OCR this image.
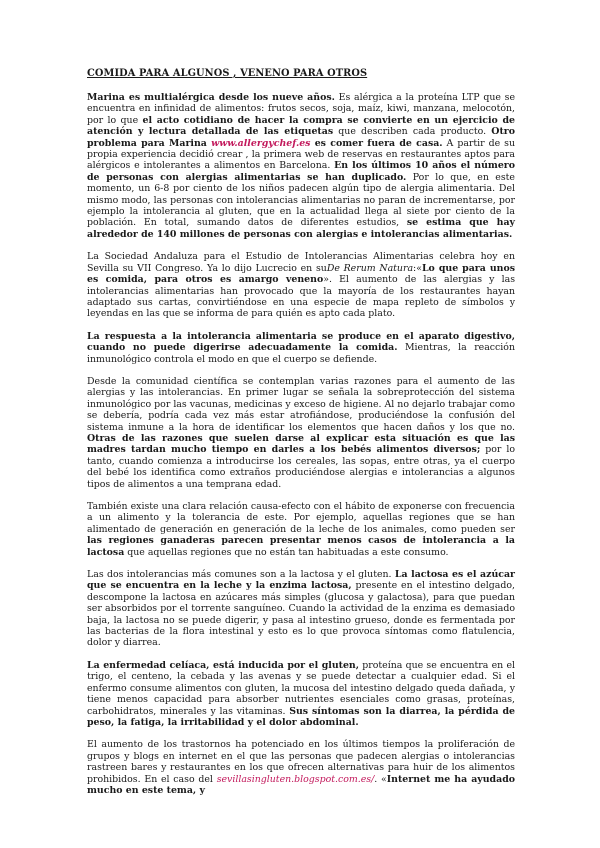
COMIDA PARA ALGUNOS , VENENO PARA OTROS

Marina es multialérgica desde los nueve años. Es alérgica a la proteína LTP que se encuentra en infinidad de alimentos: frutos secos, soja, maíz, kiwi, manzana, melocotón, por lo que el acto cotidiano de hacer la compra se convierte en un ejercicio de atención y lectura detallada de las etiquetas que describen cada producto. Otro problema para Marina www.allergychef.es es comer fuera de casa. A partir de su propia experiencia decidió crear , la primera web de reservas en restaurantes aptos para alérgicos e intolerantes a alimentos en Barcelona. En los últimos 10 años el número de personas con alergias alimentarias se han duplicado. Por lo que, en este momento, un 6-8 por ciento de los niños padecen algún tipo de alergia alimentaria. Del mismo modo, las personas con intolerancias alimentarias no paran de incrementarse, por ejemplo la intolerancia al gluten, que en la actualidad llega al siete por ciento de la población. En total, sumando datos de diferentes estudios, se estima que hay alrededor de 140 millones de personas con alergias e intolerancias alimentarias.

La Sociedad Andaluza para el Estudio de Intolerancias Alimentarias celebra hoy en Sevilla su VII Congreso. Ya lo dijo Lucrecio en suDe Rerum Natura:«Lo que para unos es comida, para otros es amargo veneno». El aumento de las alergias y las intolerancias alimentarias han provocado que la mayoría de los restaurantes hayan adaptado sus cartas, convirtiéndose en una especie de mapa repleto de símbolos y leyendas en las que se informa de para quién es apto cada plato.

La respuesta a la intolerancia alimentaria se produce en el aparato digestivo, cuando no puede digerirse adecuadamente la comida. Mientras, la reacción inmunológico controla el modo en que el cuerpo se defiende.

Desde la comunidad científica se contemplan varias razones para el aumento de las alergias y las intolerancias. En primer lugar se señala la sobreprotección del sistema inmunológico por las vacunas, medicinas y exceso de higiene. Al no dejarlo trabajar como se debería, podría cada vez más estar atrofiándose, produciéndose la confusión del sistema inmune a la hora de identificar los elementos que hacen daños y los que no. Otras de las razones que suelen darse al explicar esta situación es que las madres tardan mucho tiempo en darles a los bebés alimentos diversos; por lo tanto, cuando comienza a introducirse los cereales, las sopas, entre otras, ya el cuerpo del bebé los identifica como extraños produciéndose alergias e intolerancias a algunos tipos de alimentos a una temprana edad.

También existe una clara relación causa-efecto con el hábito de exponerse con frecuencia a un alimento y la tolerancia de este. Por ejemplo, aquellas regiones que se han alimentado de generación en generación de la leche de los animales, como pueden ser las regiones ganaderas parecen presentar menos casos de intolerancia a la lactosa que aquellas regiones que no están tan habituadas a este consumo.

Las dos intolerancias más comunes son a la lactosa y el gluten. La lactosa es el azúcar que se encuentra en la leche y la enzima lactosa, presente en el intestino delgado, descompone la lactosa en azúcares más simples (glucosa y galactosa), para que puedan ser absorbidos por el torrente sanguíneo. Cuando la actividad de la enzima es demasiado baja, la lactosa no se puede digerir, y pasa al intestino grueso, donde es fermentada por las bacterias de la flora intestinal y esto es lo que provoca síntomas como flatulencia, dolor y diarrea.

La enfermedad celíaca, está inducida por el gluten, proteína que se encuentra en el trigo, el centeno, la cebada y las avenas y se puede detectar a cualquier edad. Si el enfermo consume alimentos con gluten, la mucosa del intestino delgado queda dañada, y tiene menos capacidad para absorber nutrientes esenciales como grasas, proteínas, carbohidratos, minerales y las vitaminas. Sus síntomas son la diarrea, la pérdida de peso, la fatiga, la irritabilidad y el dolor abdominal.

El aumento de los trastornos ha potenciado en los últimos tiempos la proliferación de grupos y blogs en internet en el que las personas que padecen alergias o intolerancias rastreen bares y restaurantes en los que ofrecen alternativas para huir de los alimentos prohibidos. En el caso del sevillasingluten.blogspot.com.es/. «Internet me ha ayudado mucho en este tema, y
